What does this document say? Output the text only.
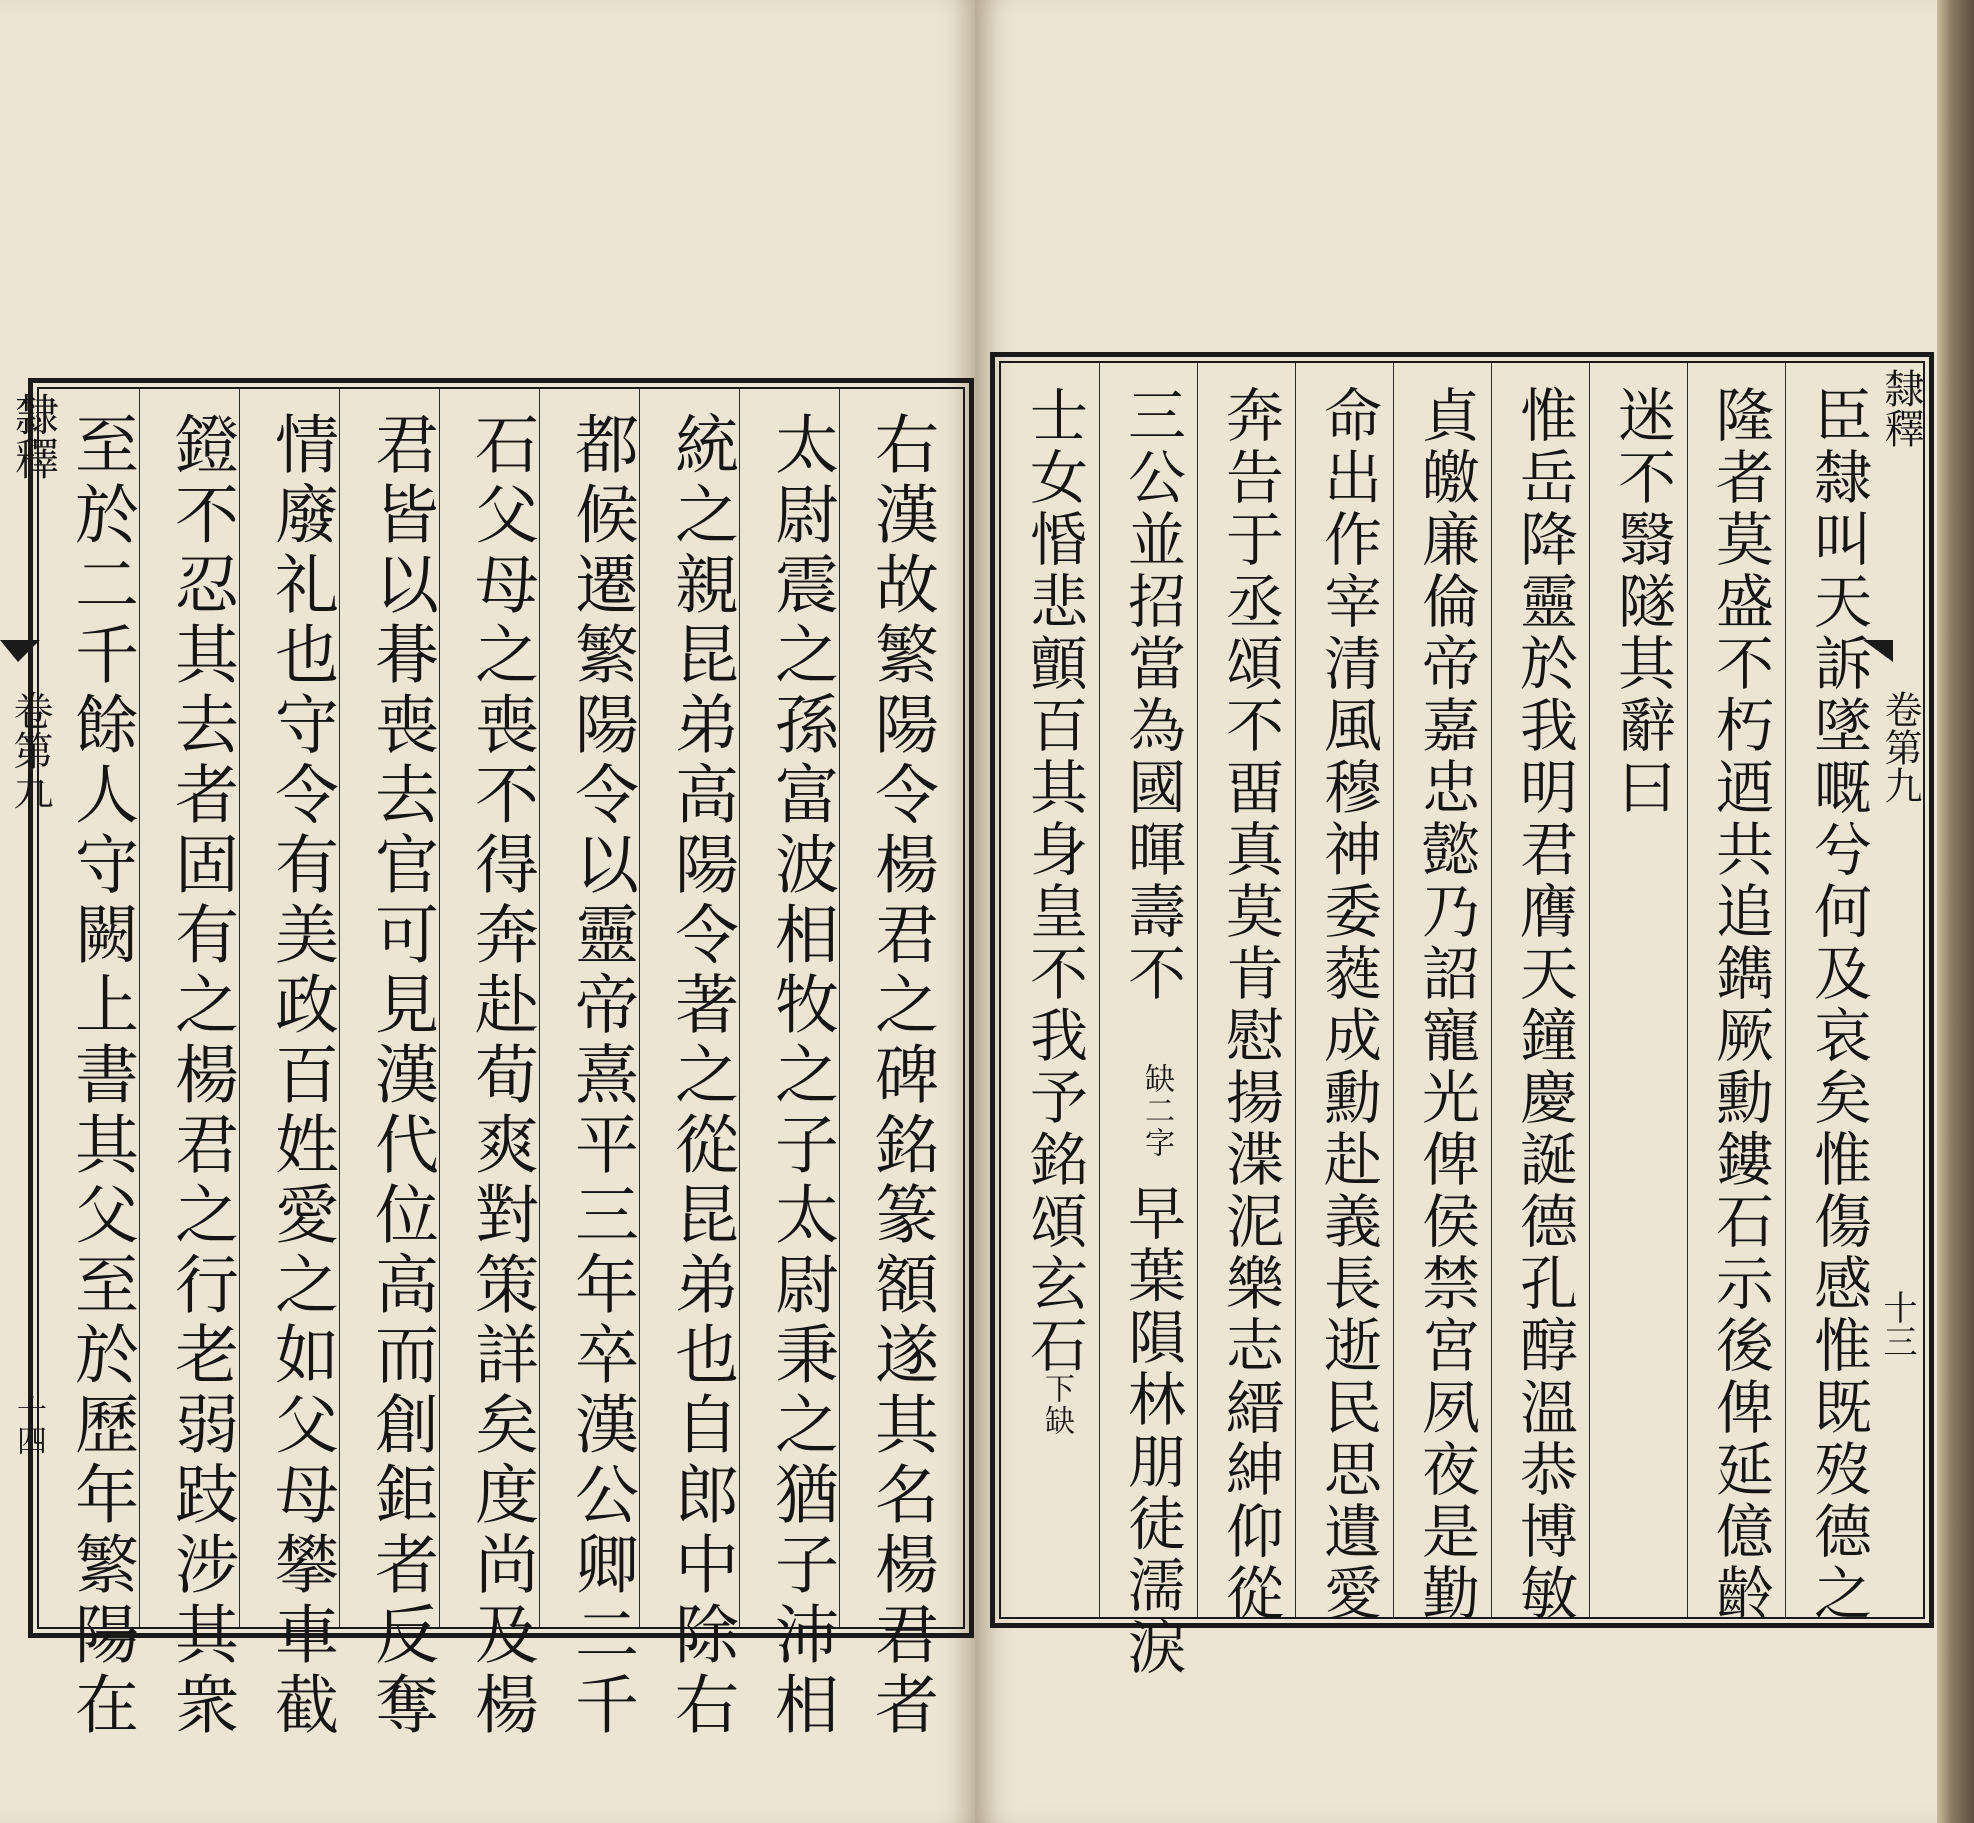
右漢故繁陽令楊君之碑銘篆額遂其名楊君者
太尉震之孫富波相牧之子太尉秉之猶子沛相
統之親昆弟高陽令著之從昆弟也自郎中除右
都候遷繁陽令以靈帝熹平三年卒漢公卿二千
石父母之喪不得奔赴荀爽對策詳矣度尚及楊
君皆以朞喪去官可見漢代位高而創鉅者反奪
情廢礼也守令有美政百姓愛之如父母攀車截
鐙不忍其去者固有之楊君之行老弱跂涉其衆
至於二千餘人守闕上書其父至於歷年繁陽在
隸釋
卷第九
十四	臣隸叫天訴墜嘅兮何及哀矣惟傷感惟既歿德之
隆者莫盛不朽迺共追鐫厥勳鏤石示後俾延億齡
迷不翳隧其辭曰
惟岳降靈於我明君膺天鐘慶誕德孔醇溫恭博敏
貞皦廉倫帝嘉忠懿乃詔寵光俾侯禁宮夙夜是勤
命出作宰清風穆神委蕤成勳赴義長逝民思遺愛
奔告于丞頌不畱真莫肯慰揚渫泥樂志縉紳仰從
三公並招當為國暉壽不
缺二字
早葉隕林朋徒濡淚
士女惛悲顫百其身皇不我予銘頌玄石
下缺
隸釋
卷第九
十三
